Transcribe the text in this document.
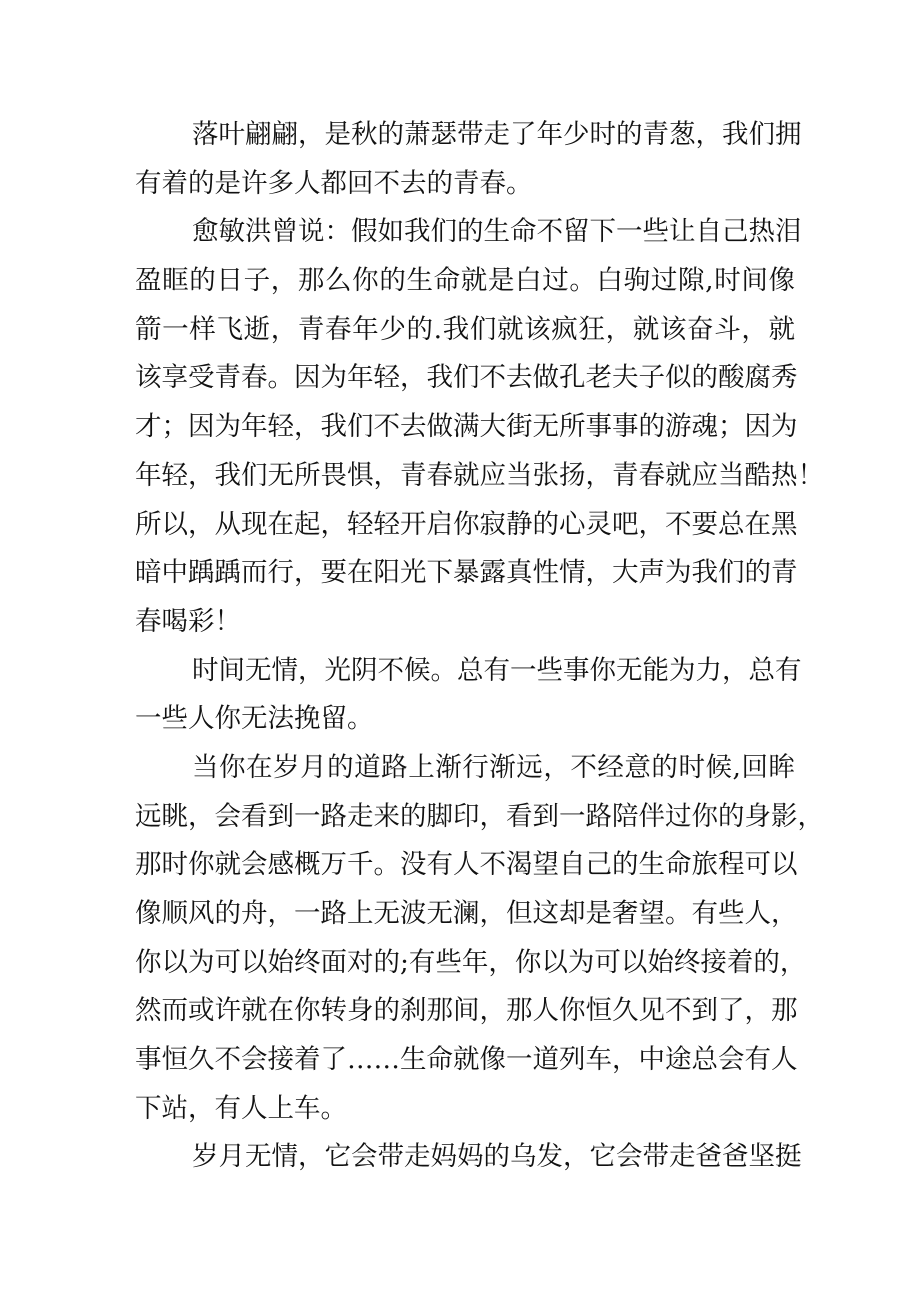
落叶翩翩，是秋的萧瑟带走了年少时的青葱，我们拥
有着的是许多人都回不去的青春。
愈敏洪曾说：假如我们的生命不留下一些让自己热泪
盈眶的日子，那么你的生命就是白过。白驹过隙,时间像
箭一样飞逝，青春年少的.我们就该疯狂，就该奋斗，就
该享受青春。因为年轻，我们不去做孔老夫子似的酸腐秀
才；因为年轻，我们不去做满大街无所事事的游魂；因为
年轻，我们无所畏惧，青春就应当张扬，青春就应当酷热！
所以，从现在起，轻轻开启你寂静的心灵吧，不要总在黑
暗中踽踽而行，要在阳光下暴露真性情，大声为我们的青
春喝彩！
时间无情，光阴不候。总有一些事你无能为力，总有
一些人你无法挽留。
当你在岁月的道路上渐行渐远，不经意的时候,回眸
远眺，会看到一路走来的脚印，看到一路陪伴过你的身影，
那时你就会感概万千。没有人不渴望自己的生命旅程可以
像顺风的舟，一路上无波无澜，但这却是奢望。有些人，
你以为可以始终面对的;有些年，你以为可以始终接着的，
然而或许就在你转身的刹那间，那人你恒久见不到了，那
事恒久不会接着了……生命就像一道列车，中途总会有人
下站，有人上车。
岁月无情，它会带走妈妈的乌发，它会带走爸爸坚挺
